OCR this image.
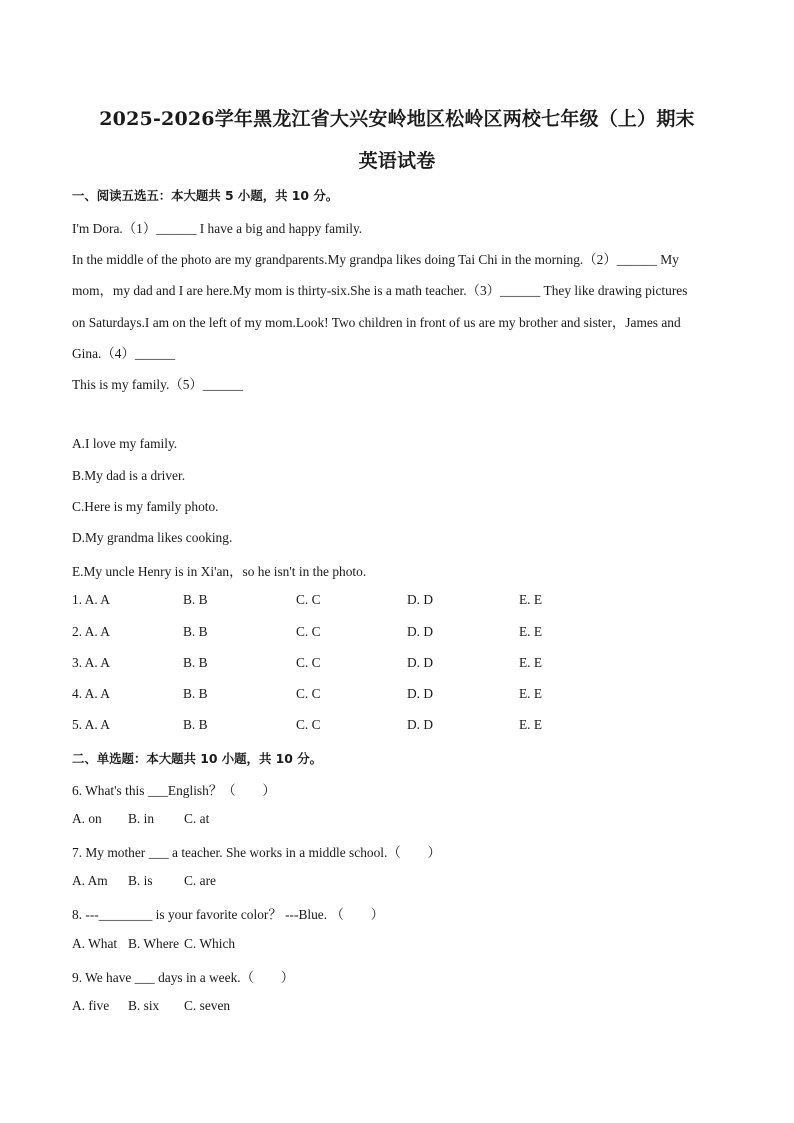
2025-2026学年黑龙江省大兴安岭地区松岭区两校七年级（上）期末
英语试卷
一、阅读五选五：本大题共 5 小题，共 10 分。
I'm Dora.（1）______ I have a big and happy family.
In the middle of the photo are my grandparents.My grandpa likes doing Tai Chi in the morning.（2）______ My
mom，my dad and I are here.My mom is thirty-six.She is a math teacher.（3）______ They like drawing pictures
on Saturdays.I am on the left of my mom.Look! Two children in front of us are my brother and sister，James and
Gina.（4）______
This is my family.（5）______
A.I love my family.
B.My dad is a driver.
C.Here is my family photo.
D.My grandma likes cooking.
E.My uncle Henry is in Xi'an，so he isn't in the photo.
1. A. A	B. B	C. C	D. D	E. E
2. A. A	B. B	C. C	D. D	E. E
3. A. A	B. B	C. C	D. D	E. E
4. A. A	B. B	C. C	D. D	E. E
5. A. A	B. B	C. C	D. D	E. E
二、单选题：本大题共 10 小题，共 10 分。
6. What's this ___English？（　　）
A. on B. in C. at
7. My mother ___ a teacher. She works in a middle school.（　　）
A. Am B. is C. are
8. ---________ is your favorite color？ ---Blue. （　　）
A. What B. Where C. Which
9. We have ___ days in a week.（　　）
A. five B. six C. seven
